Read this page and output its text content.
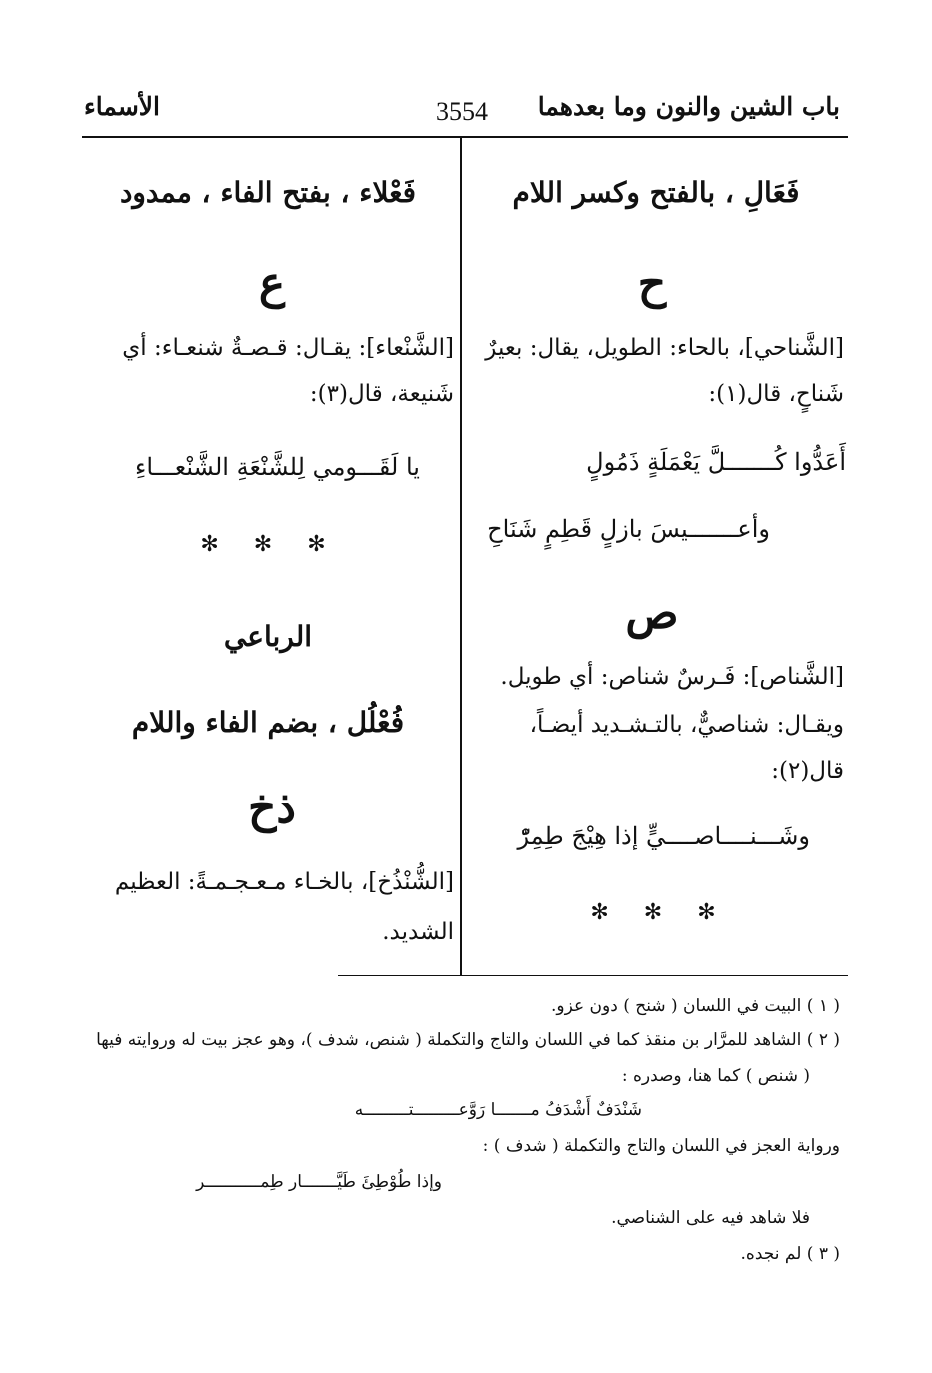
باب الشين والنون وما بعدهما
3554
الأسماء
فَعَالِ ، بالفتح وكسر اللام
ح
[الشَّناحي]، بالحاء: الطويل، يقال: بعيرٌ
شَناحٍ، قال(١):
أَعَدُّوا كُـــــــلَّ يَعْمَلَةٍ ذَمُولٍ
وأعـــــــيسَ بازلٍ قَطِمٍ شَنَاحِ
ص
[الشَّناص]: فَـرسٌ شناص: أي طويل.
ويقـال: شناصيٌّ، بالتـشـديد أيضـاً،
قال(٢):
وشَـــنــــاصــــيٍّ إذا هِيْجَ طِمِرّْ
✻ ✻ ✻
فَعْلاء ، بفتح الفاء ، ممدود
ع
[الشَّنْعاء]: يقـال: قـصـةٌ شنعـاء: أي
شَنيعة، قال(٣):
يا لَقَـــومي لِلشَّنْعَةِ الشَّنْعـــاءِ
✻ ✻ ✻
الرباعي
فُعْلُل ، بضم الفاء واللام
ذخ
[الشُّنْذُخ]، بالخـاء مـعـجـمـةً: العظيم
الشديد.
( ١ ) البيت في اللسان ( شنح ) دون عزو.
( ٢ ) الشاهد للمرَّار بن منقذ كما في اللسان والتاج والتكملة ( شنص، شدف )، وهو عجز بيت له وروايته فيها
( شنص ) كما هنا، وصدره :
شَنْدَفٌ أَشْدَفُ مـــــــا رَوَّعـــــــــتـــــــــه
ورواية العجز في اللسان والتاج والتكملة ( شدف ) :
وإذا طُوْطِئَ طَيَّـــــــار طِمـــــــــــر
فلا شاهد فيه على الشناصي.
( ٣ ) لم نجده.
